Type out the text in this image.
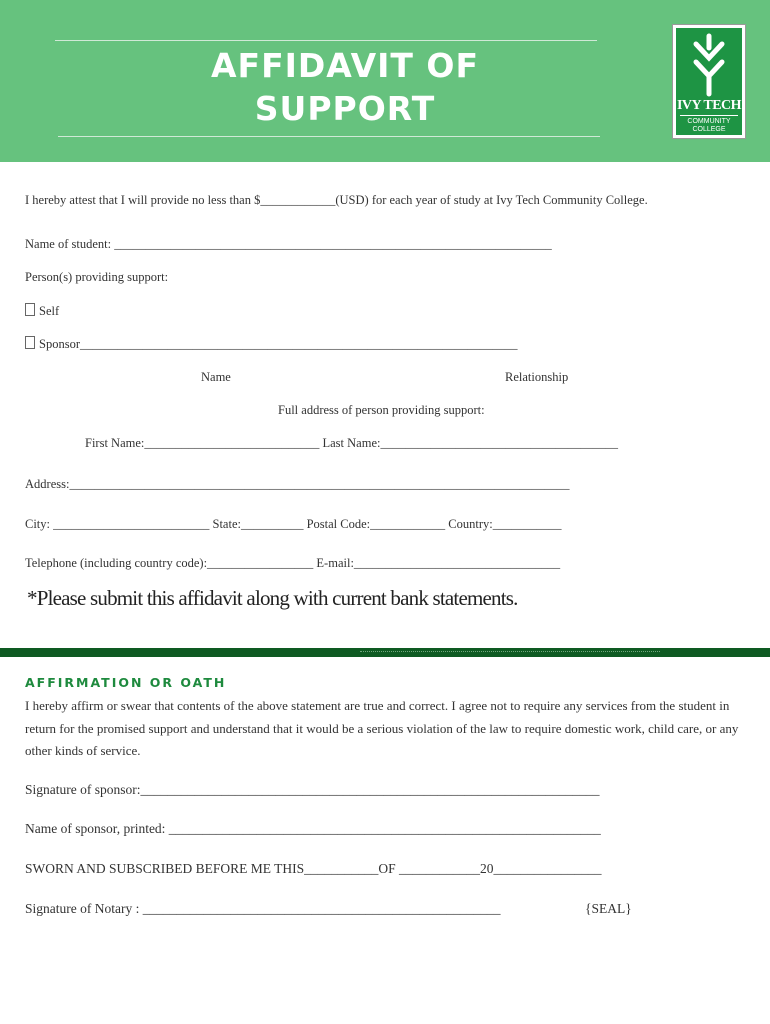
AFFIDAVIT OF
SUPPORT	IVY TECH
COMMUNITY
COLLEGE
I hereby attest that I will provide no less than $____________(USD) for each year of study at Ivy Tech Community College.
Name of student: ______________________________________________________________________
Person(s) providing support:
Self
Sponsor______________________________________________________________________
Name	Relationship
Full address of person providing support:
First Name:____________________________ Last Name:______________________________________
Address:________________________________________________________________________________
City: _________________________ State:__________ Postal Code:____________ Country:___________
Telephone (including country code):_________________ E-mail:_________________________________
*Please submit this affidavit along with current bank statements.
AFFIRMATION OR OATH
I hereby affirm or swear that contents of the above statement are true and correct. I agree not to require any services from the student in return for the promised support and understand that it would be a serious violation of the law to require domestic work, child care, or any other kinds of service.
Signature of sponsor:____________________________________________________________________
Name of sponsor, printed: ________________________________________________________________
SWORN AND SUBSCRIBED BEFORE ME THIS___________OF ____________20________________
Signature of Notary : _____________________________________________________	{SEAL}
